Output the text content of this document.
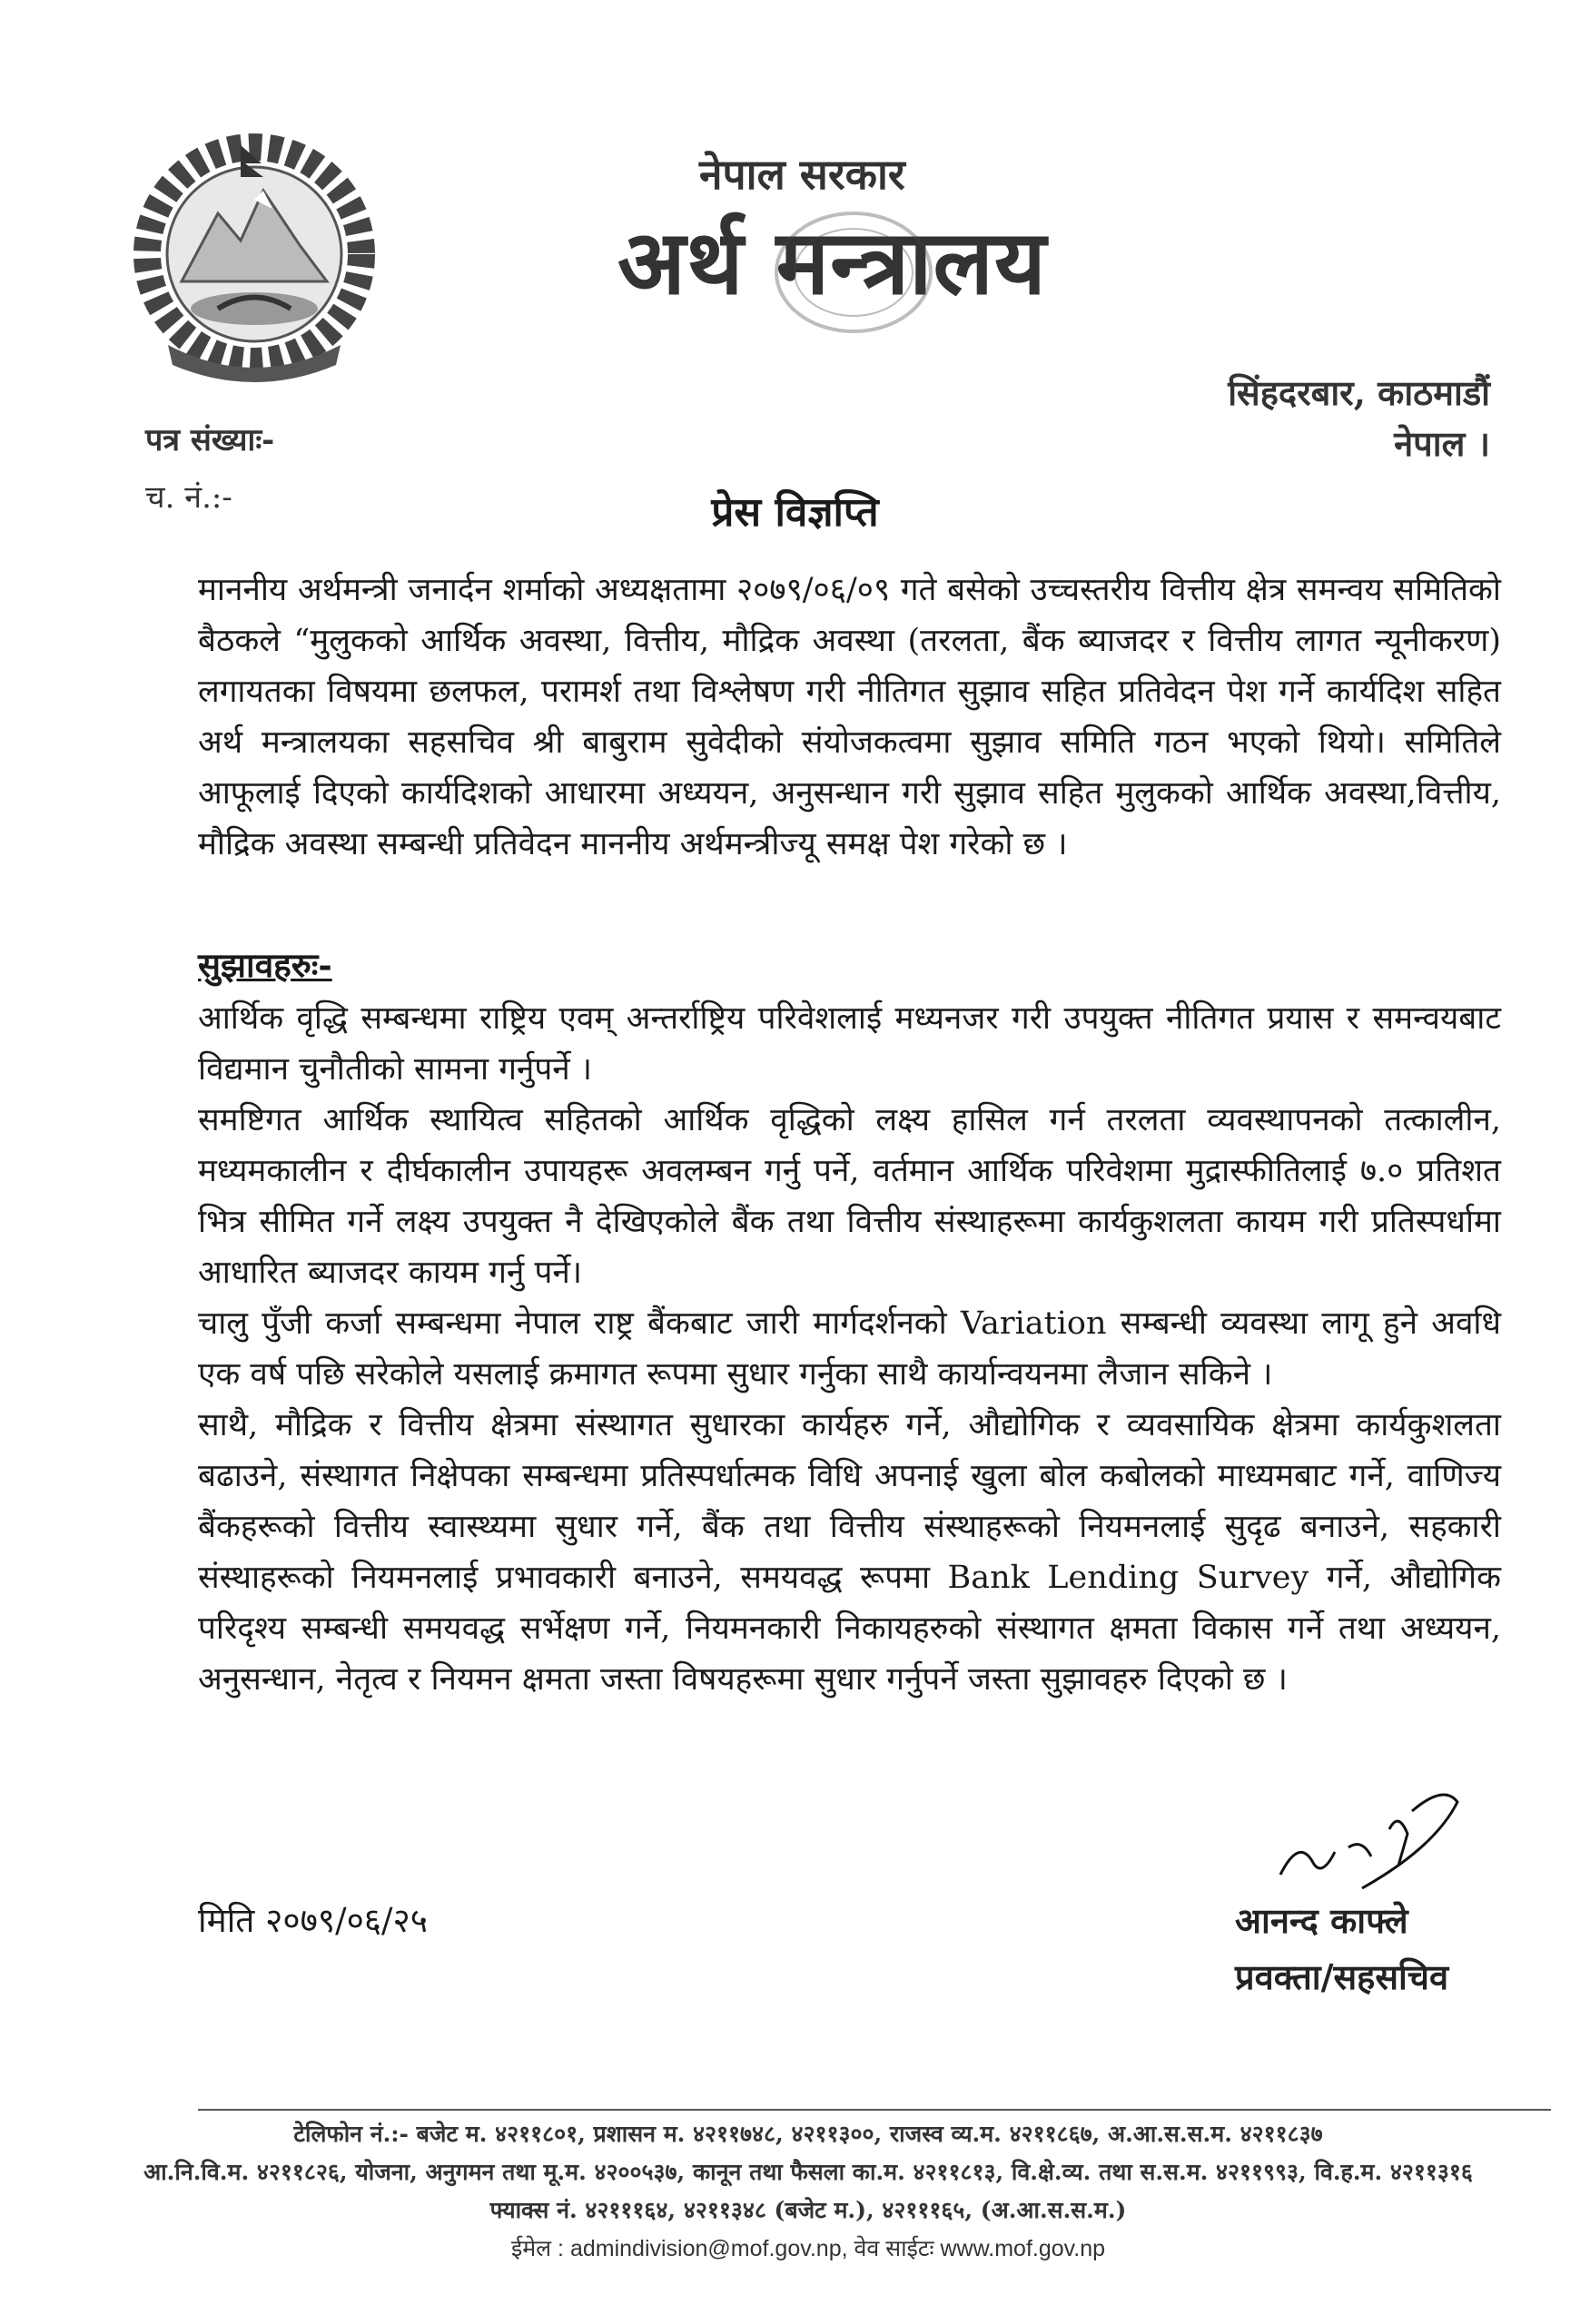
नेपाल सरकार
अर्थ मन्त्रालय
सिंहदरबार, काठमाडौं
नेपाल ।
पत्र संख्याः-
च. नं.:-	प्रेस विज्ञप्ति
माननीय अर्थमन्त्री जनार्दन शर्माको अध्यक्षतामा २०७९/०६/०९ गते बसेको उच्चस्तरीय वित्तीय क्षेत्र समन्वय समितिको बैठकले “मुलुकको आर्थिक अवस्था, वित्तीय, मौद्रिक अवस्था (तरलता, बैंक ब्याजदर र वित्तीय लागत न्यूनीकरण) लगायतका विषयमा छलफल, परामर्श तथा विश्लेषण गरी नीतिगत सुझाव सहित प्रतिवेदन पेश गर्ने कार्यदिश सहित अर्थ मन्त्रालयका सहसचिव श्री बाबुराम सुवेदीको संयोजकत्वमा सुझाव समिति गठन भएको थियो। समितिले आफूलाई दिएको कार्यदिशको आधारमा अध्ययन, अनुसन्धान गरी सुझाव सहित मुलुकको आर्थिक अवस्था,वित्तीय, मौद्रिक अवस्था सम्बन्धी प्रतिवेदन माननीय अर्थमन्त्रीज्यू समक्ष पेश गरेको छ ।
सुझावहरुः-

आर्थिक वृद्धि सम्बन्धमा राष्ट्रिय एवम् अन्तर्राष्ट्रिय परिवेशलाई मध्यनजर गरी उपयुक्त नीतिगत प्रयास र समन्वयबाट विद्यमान चुनौतीको सामना गर्नुपर्ने ।

समष्टिगत आर्थिक स्थायित्व सहितको आर्थिक वृद्धिको लक्ष्य हासिल गर्न तरलता व्यवस्थापनको तत्कालीन, मध्यमकालीन र दीर्घकालीन उपायहरू अवलम्बन गर्नु पर्ने, वर्तमान आर्थिक परिवेशमा मुद्रास्फीतिलाई ७.० प्रतिशत भित्र सीमित गर्ने लक्ष्य उपयुक्त नै देखिएकोले बैंक तथा वित्तीय संस्थाहरूमा कार्यकुशलता कायम गरी प्रतिस्पर्धामा आधारित ब्याजदर कायम गर्नु पर्ने।

चालु पुँजी कर्जा सम्बन्धमा नेपाल राष्ट्र बैंकबाट जारी मार्गदर्शनको Variation सम्बन्धी व्यवस्था लागू हुने अवधि एक वर्ष पछि सरेकोले यसलाई क्रमागत रूपमा सुधार गर्नुका साथै कार्यान्वयनमा लैजान सकिने ।

साथै, मौद्रिक र वित्तीय क्षेत्रमा संस्थागत सुधारका कार्यहरु गर्ने, औद्योगिक र व्यवसायिक क्षेत्रमा कार्यकुशलता बढाउने, संस्थागत निक्षेपका सम्बन्धमा प्रतिस्पर्धात्मक विधि अपनाई खुला बोल कबोलको माध्यमबाट गर्ने, वाणिज्य बैंकहरूको वित्तीय स्वास्थ्यमा सुधार गर्ने, बैंक तथा वित्तीय संस्थाहरूको नियमनलाई सुदृढ बनाउने, सहकारी संस्थाहरूको नियमनलाई प्रभावकारी बनाउने, समयवद्ध रूपमा Bank Lending Survey गर्ने, औद्योगिक परिदृश्य सम्बन्धी समयवद्ध सर्भेक्षण गर्ने, नियमनकारी निकायहरुको संस्थागत क्षमता विकास गर्ने तथा अध्ययन, अनुसन्धान, नेतृत्व र नियमन क्षमता जस्ता विषयहरूमा सुधार गर्नुपर्ने जस्ता सुझावहरु दिएको छ ।

मिति २०७९/०६/२५	आनन्द काफ्ले
प्रवक्ता/सहसचिव
टेलिफोन नं.:- बजेट म. ४२११८०१, प्रशासन म. ४२११७४८, ४२११३००, राजस्व व्य.म. ४२११८६७, अ.आ.स.स.म. ४२११८३७
आ.नि.वि.म. ४२११८२६, योजना, अनुगमन तथा मू.म. ४२००५३७, कानून तथा फैसला का.म. ४२११८१३, वि.क्षे.व्य. तथा स.स.म. ४२११९९३, वि.ह.म. ४२११३१६
फ्याक्स नं. ४२१११६४, ४२११३४८ (बजेट म.), ४२१११६५, (अ.आ.स.स.म.)
ईमेल : admindivision@mof.gov.np, वेव साईटः www.mof.gov.np
